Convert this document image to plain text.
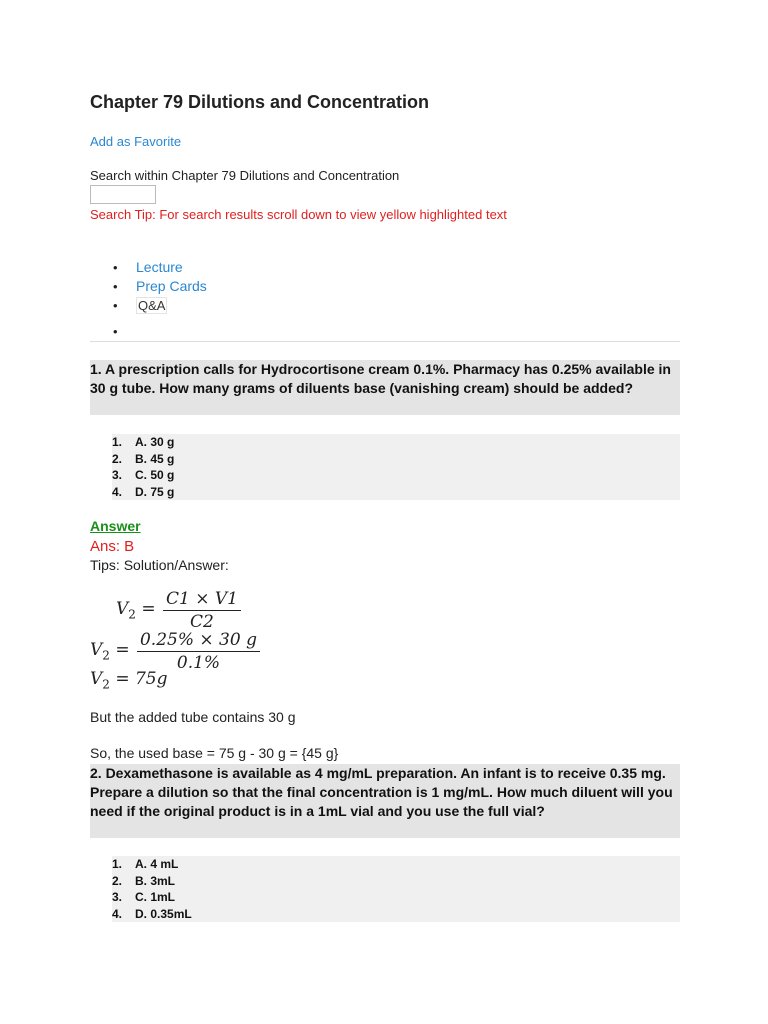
Chapter 79 Dilutions and Concentration
Add as Favorite
Search within Chapter 79 Dilutions and Concentration
Search Tip: For search results scroll down to view yellow highlighted text
• Lecture
• Prep Cards
• Q&A
•
1. A prescription calls for Hydrocortisone cream 0.1%. Pharmacy has 0.25% available in 30 g tube. How many grams of diluents base (vanishing cream) should be added?
1.	A. 30 g
2.	B. 45 g
3.	C. 50 g
4.	D. 75 g
Answer
Ans: B
Tips: Solution/Answer:
$V_2 = \frac{C1 \times V1}{C2}$
$V_2 = \frac{0.25\% \times 30 g}{0.1\%}$
$V_2 = 75g$
But the added tube contains 30 g
So, the used base = 75 g - 30 g = {45 g}
2. Dexamethasone is available as 4 mg/mL preparation. An infant is to receive 0.35 mg. Prepare a dilution so that the final concentration is 1 mg/mL. How much diluent will you need if the original product is in a 1mL vial and you use the full vial?
1.	A. 4 mL
2.	B. 3mL
3.	C. 1mL
4.	D. 0.35mL
